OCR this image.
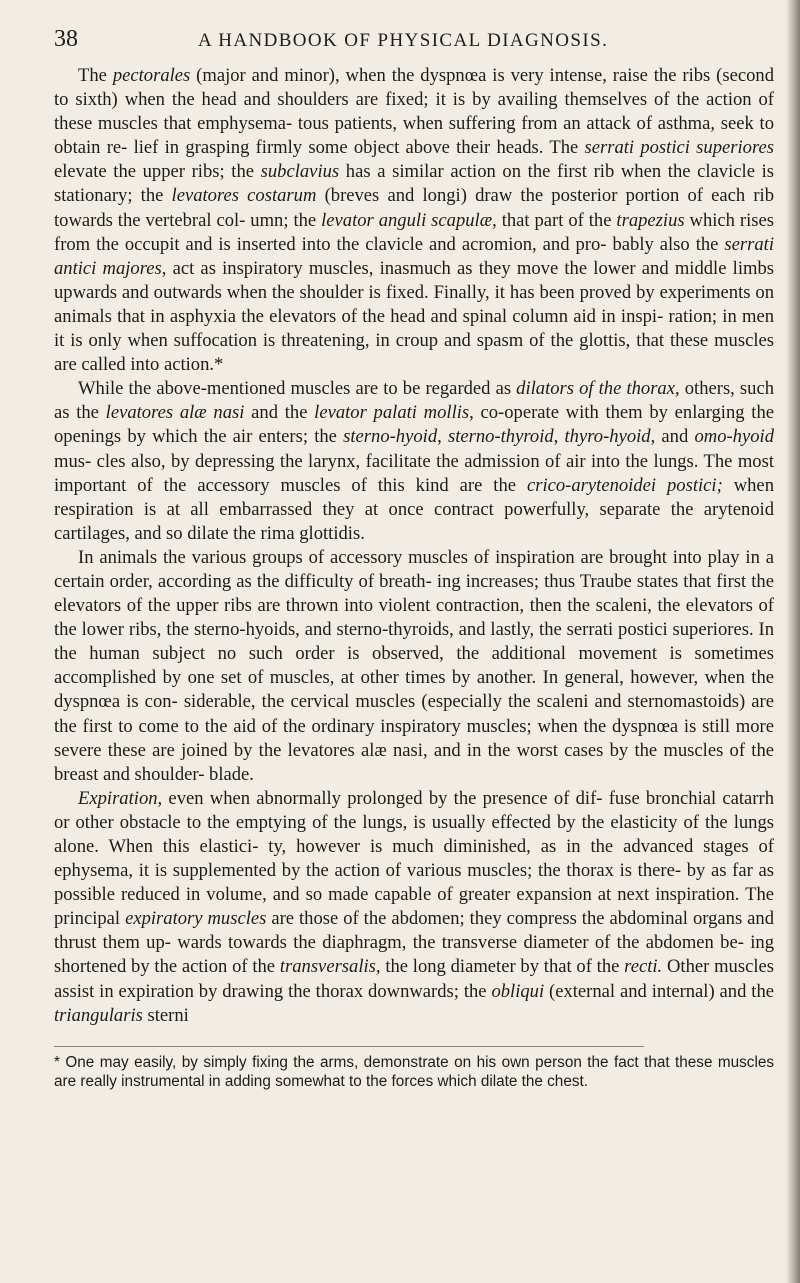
38	A HANDBOOK OF PHYSICAL DIAGNOSIS.

The pectorales (major and minor), when the dyspnœa is very intense, raise the ribs (second to sixth) when the head and shoulders are fixed; it is by availing themselves of the action of these muscles that emphysema- tous patients, when suffering from an attack of asthma, seek to obtain re- lief in grasping firmly some object above their heads. The serrati postici superiores elevate the upper ribs; the subclavius has a similar action on the first rib when the clavicle is stationary; the levatores costarum (breves and longi) draw the posterior portion of each rib towards the vertebral col- umn; the levator anguli scapulæ, that part of the trapezius which rises from the occupit and is inserted into the clavicle and acromion, and pro- bably also the serrati antici majores, act as inspiratory muscles, inasmuch as they move the lower and middle limbs upwards and outwards when the shoulder is fixed. Finally, it has been proved by experiments on animals that in asphyxia the elevators of the head and spinal column aid in inspi- ration; in men it is only when suffocation is threatening, in croup and spasm of the glottis, that these muscles are called into action.*

While the above-mentioned muscles are to be regarded as dilators of the thorax, others, such as the levatores alæ nasi and the levator palati mollis, co-operate with them by enlarging the openings by which the air enters; the sterno-hyoid, sterno-thyroid, thyro-hyoid, and omo-hyoid mus- cles also, by depressing the larynx, facilitate the admission of air into the lungs. The most important of the accessory muscles of this kind are the crico-arytenoidei postici; when respiration is at all embarrassed they at once contract powerfully, separate the arytenoid cartilages, and so dilate the rima glottidis.

In animals the various groups of accessory muscles of inspiration are brought into play in a certain order, according as the difficulty of breath- ing increases; thus Traube states that first the elevators of the upper ribs are thrown into violent contraction, then the scaleni, the elevators of the lower ribs, the sterno-hyoids, and sterno-thyroids, and lastly, the serrati postici superiores. In the human subject no such order is observed, the additional movement is sometimes accomplished by one set of muscles, at other times by another. In general, however, when the dyspnœa is con- siderable, the cervical muscles (especially the scaleni and sternomastoids) are the first to come to the aid of the ordinary inspiratory muscles; when the dyspnœa is still more severe these are joined by the levatores alæ nasi, and in the worst cases by the muscles of the breast and shoulder- blade.

Expiration, even when abnormally prolonged by the presence of dif- fuse bronchial catarrh or other obstacle to the emptying of the lungs, is usually effected by the elasticity of the lungs alone. When this elastici- ty, however is much diminished, as in the advanced stages of ephysema, it is supplemented by the action of various muscles; the thorax is there- by as far as possible reduced in volume, and so made capable of greater expansion at next inspiration. The principal expiratory muscles are those of the abdomen; they compress the abdominal organs and thrust them up- wards towards the diaphragm, the transverse diameter of the abdomen be- ing shortened by the action of the transversalis, the long diameter by that of the recti. Other muscles assist in expiration by drawing the thorax downwards; the obliqui (external and internal) and the triangularis sterni

* One may easily, by simply fixing the arms, demonstrate on his own person the fact that these muscles are really instrumental in adding somewhat to the forces which dilate the chest.
